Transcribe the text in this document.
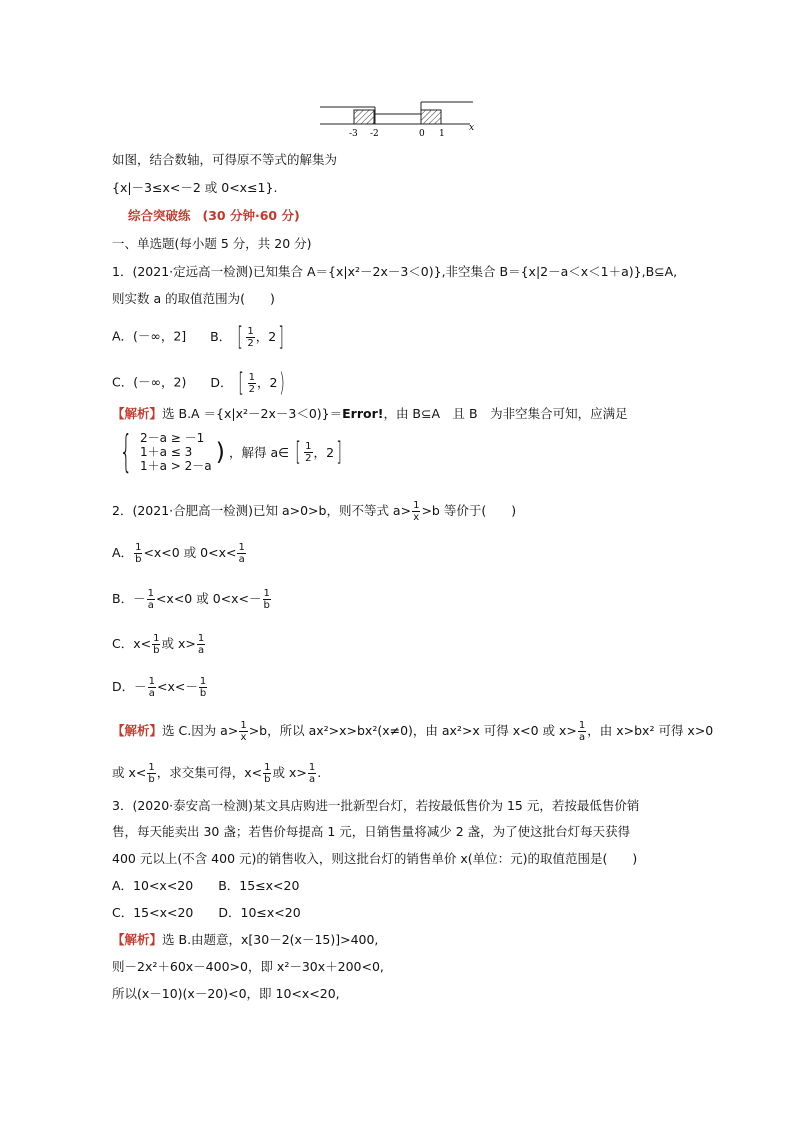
-3 -2	0 1
x
如图，结合数轴，可得原不等式的解集为
{x|－3≤x<－2 或 0<x≤1}.
综合突破练 (30 分钟·60 分)
一、单选题(每小题 5 分，共 20 分)
1．(2021·定远高一检测)已知集合 A＝{x|x²－2x－3＜0)},非空集合 B＝{x|2－a＜x＜1＋a)},B⊆A,
则实数 a 的取值范围为(　　)
A．(－∞，2] B． [ $\frac{1}{2}$ ， 2 ]
C．(－∞，2) D． [ $\frac{1}{2}$ ， 2 )
【解析】选 B.A ＝{x|x²－2x－3＜0)}＝Error!，由 B⊆A　且 B　为非空集合可知，应满足
{ 2－a ≥ －1
1＋a ≤ 3
1＋a > 2－a ) ，解得 a∈ [ $\frac{1}{2}$ ， 2 ]
2．(2021·合肥高一检测)已知 a>0>b，则不等式 $a> \frac{1}{x} >b$ 等价于(　　)
A． $\frac{1}{b} <x<0$ 或 $0<x< \frac{1}{a}$
B．－ $\frac{1}{a} <x<0$ 或 $0<x<- \frac{1}{b}$
C．$x< \frac{1}{b}$ 或 $x> \frac{1}{a}$
D．－ $\frac{1}{a} <x<- \frac{1}{b}$
【解析】选 C.因为 $a> \frac{1}{x} >b$，所以 ax²>x>bx²(x≠0)，由 ax²>x 可得 x<0 或 $x> \frac{1}{a}$ ，由 x>bx² 可得 x>0
或 $x< \frac{1}{b}$ ，求交集可得，$x< \frac{1}{b}$ 或 $x> \frac{1}{a}$ .
3．(2020·泰安高一检测)某文具店购进一批新型台灯，若按最低售价为 15 元，若按最低售价销
售，每天能卖出 30 盏；若售价每提高 1 元，日销售量将减少 2 盏，为了使这批台灯每天获得
400 元以上(不含 400 元)的销售收入，则这批台灯的销售单价 x(单位：元)的取值范围是(　　)
A．10<x<20　　B．15≤x<20
C．15<x<20　　D．10≤x<20
【解析】选 B.由题意，x[30－2(x－15)]>400,
则－2x²＋60x－400>0，即 x²－30x＋200<0,
所以(x－10)(x－20)<0，即 10<x<20,
